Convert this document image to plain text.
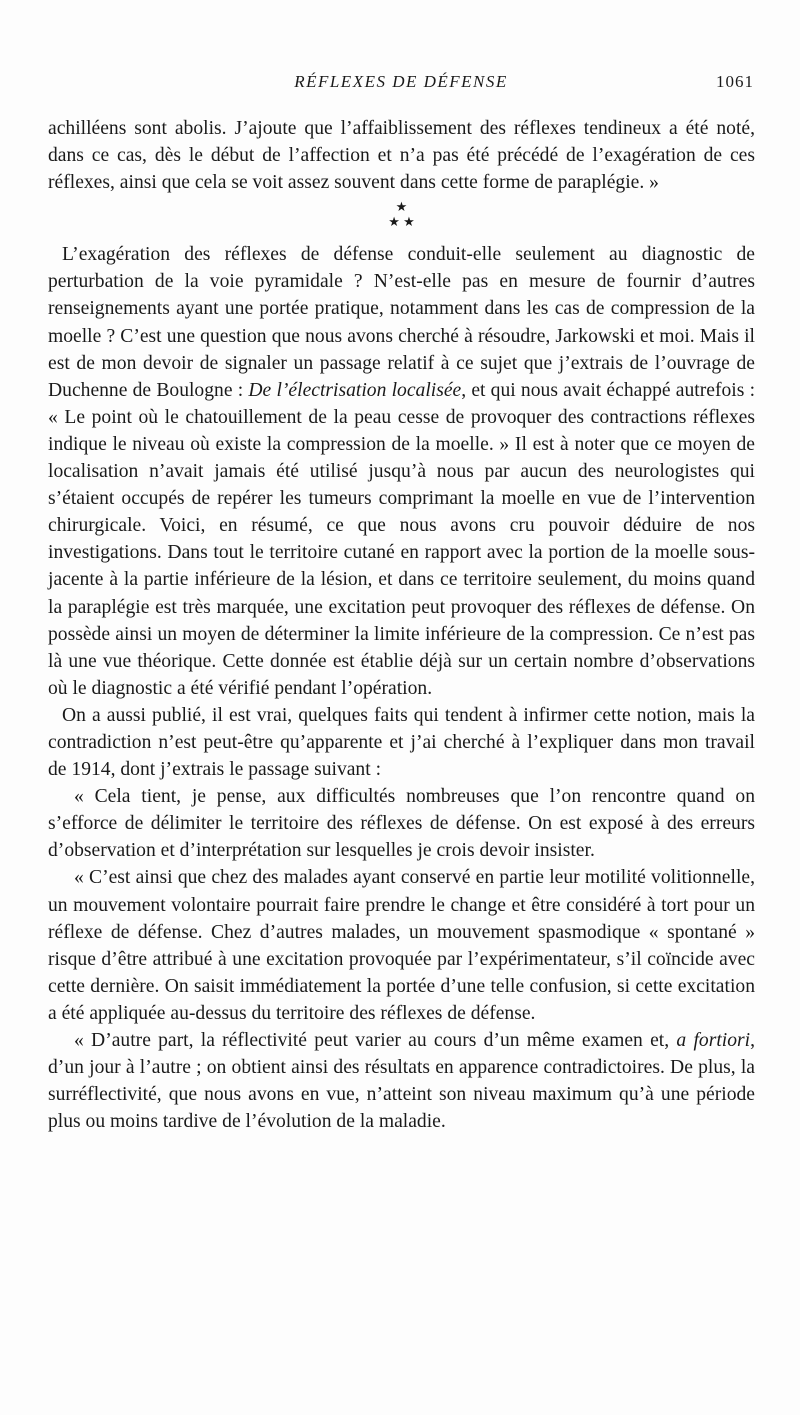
RÉFLEXES DE DÉFENSE	1061

achilléens sont abolis. J’ajoute que l’affaiblissement des réflexes tendineux a été noté, dans ce cas, dès le début de l’affection et n’a pas été précédé de l’exagération de ces réflexes, ainsi que cela se voit assez souvent dans cette forme de paraplégie. »

★
★ ★

L’exagération des réflexes de défense conduit-elle seulement au diagnostic de perturbation de la voie pyramidale ? N’est-elle pas en mesure de fournir d’autres renseignements ayant une portée pratique, notamment dans les cas de compression de la moelle ? C’est une question que nous avons cherché à résoudre, Jarkowski et moi. Mais il est de mon devoir de signaler un passage relatif à ce sujet que j’extrais de l’ouvrage de Duchenne de Boulogne : De l’électrisation localisée, et qui nous avait échappé autrefois : « Le point où le chatouillement de la peau cesse de provoquer des contractions réflexes indique le niveau où existe la compression de la moelle. » Il est à noter que ce moyen de localisation n’avait jamais été utilisé jusqu’à nous par aucun des neurologistes qui s’étaient occupés de repérer les tumeurs comprimant la moelle en vue de l’intervention chirurgicale. Voici, en résumé, ce que nous avons cru pouvoir déduire de nos investigations. Dans tout le territoire cutané en rapport avec la portion de la moelle sous-jacente à la partie inférieure de la lésion, et dans ce territoire seulement, du moins quand la paraplégie est très marquée, une excitation peut provoquer des réflexes de défense. On possède ainsi un moyen de déterminer la limite inférieure de la compression. Ce n’est pas là une vue théorique. Cette donnée est établie déjà sur un certain nombre d’observations où le diagnostic a été vérifié pendant l’opération.

On a aussi publié, il est vrai, quelques faits qui tendent à infirmer cette notion, mais la contradiction n’est peut-être qu’apparente et j’ai cherché à l’expliquer dans mon travail de 1914, dont j’extrais le passage suivant :

« Cela tient, je pense, aux difficultés nombreuses que l’on rencontre quand on s’efforce de délimiter le territoire des réflexes de défense. On est exposé à des erreurs d’observation et d’interprétation sur lesquelles je crois devoir insister.

« C’est ainsi que chez des malades ayant conservé en partie leur motilité volitionnelle, un mouvement volontaire pourrait faire prendre le change et être considéré à tort pour un réflexe de défense. Chez d’autres malades, un mouvement spasmodique « spontané » risque d’être attribué à une excitation provoquée par l’expérimentateur, s’il coïncide avec cette dernière. On saisit immédiatement la portée d’une telle confusion, si cette excitation a été appliquée au-dessus du territoire des réflexes de défense.

« D’autre part, la réflectivité peut varier au cours d’un même examen et, a fortiori, d’un jour à l’autre ; on obtient ainsi des résultats en apparence contradictoires. De plus, la surréflectivité, que nous avons en vue, n’atteint son niveau maximum qu’à une période plus ou moins tardive de l’évolution de la maladie.
